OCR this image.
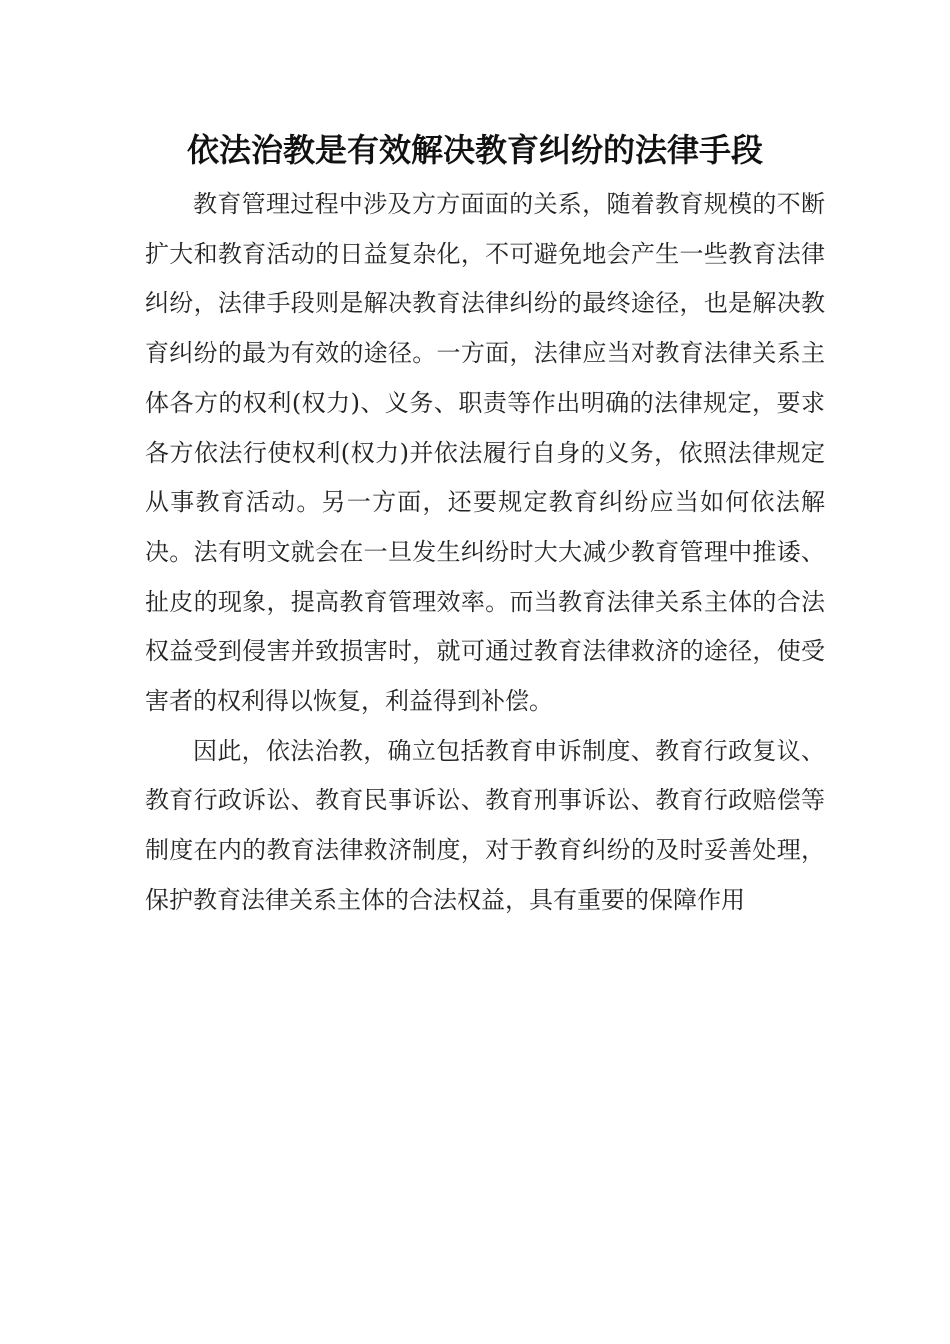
依法治教是有效解决教育纠纷的法律手段

教育管理过程中涉及方方面面的关系，随着教育规模的不断扩大和教育活动的日益复杂化，不可避免地会产生一些教育法律纠纷，法律手段则是解决教育法律纠纷的最终途径，也是解决教育纠纷的最为有效的途径。一方面，法律应当对教育法律关系主体各方的权利(权力)、义务、职责等作出明确的法律规定，要求各方依法行使权利(权力)并依法履行自身的义务，依照法律规定从事教育活动。另一方面，还要规定教育纠纷应当如何依法解决。法有明文就会在一旦发生纠纷时大大减少教育管理中推诿、扯皮的现象，提高教育管理效率。而当教育法律关系主体的合法权益受到侵害并致损害时，就可通过教育法律救济的途径，使受害者的权利得以恢复，利益得到补偿。

因此，依法治教，确立包括教育申诉制度、教育行政复议、教育行政诉讼、教育民事诉讼、教育刑事诉讼、教育行政赔偿等制度在内的教育法律救济制度，对于教育纠纷的及时妥善处理，保护教育法律关系主体的合法权益，具有重要的保障作用
